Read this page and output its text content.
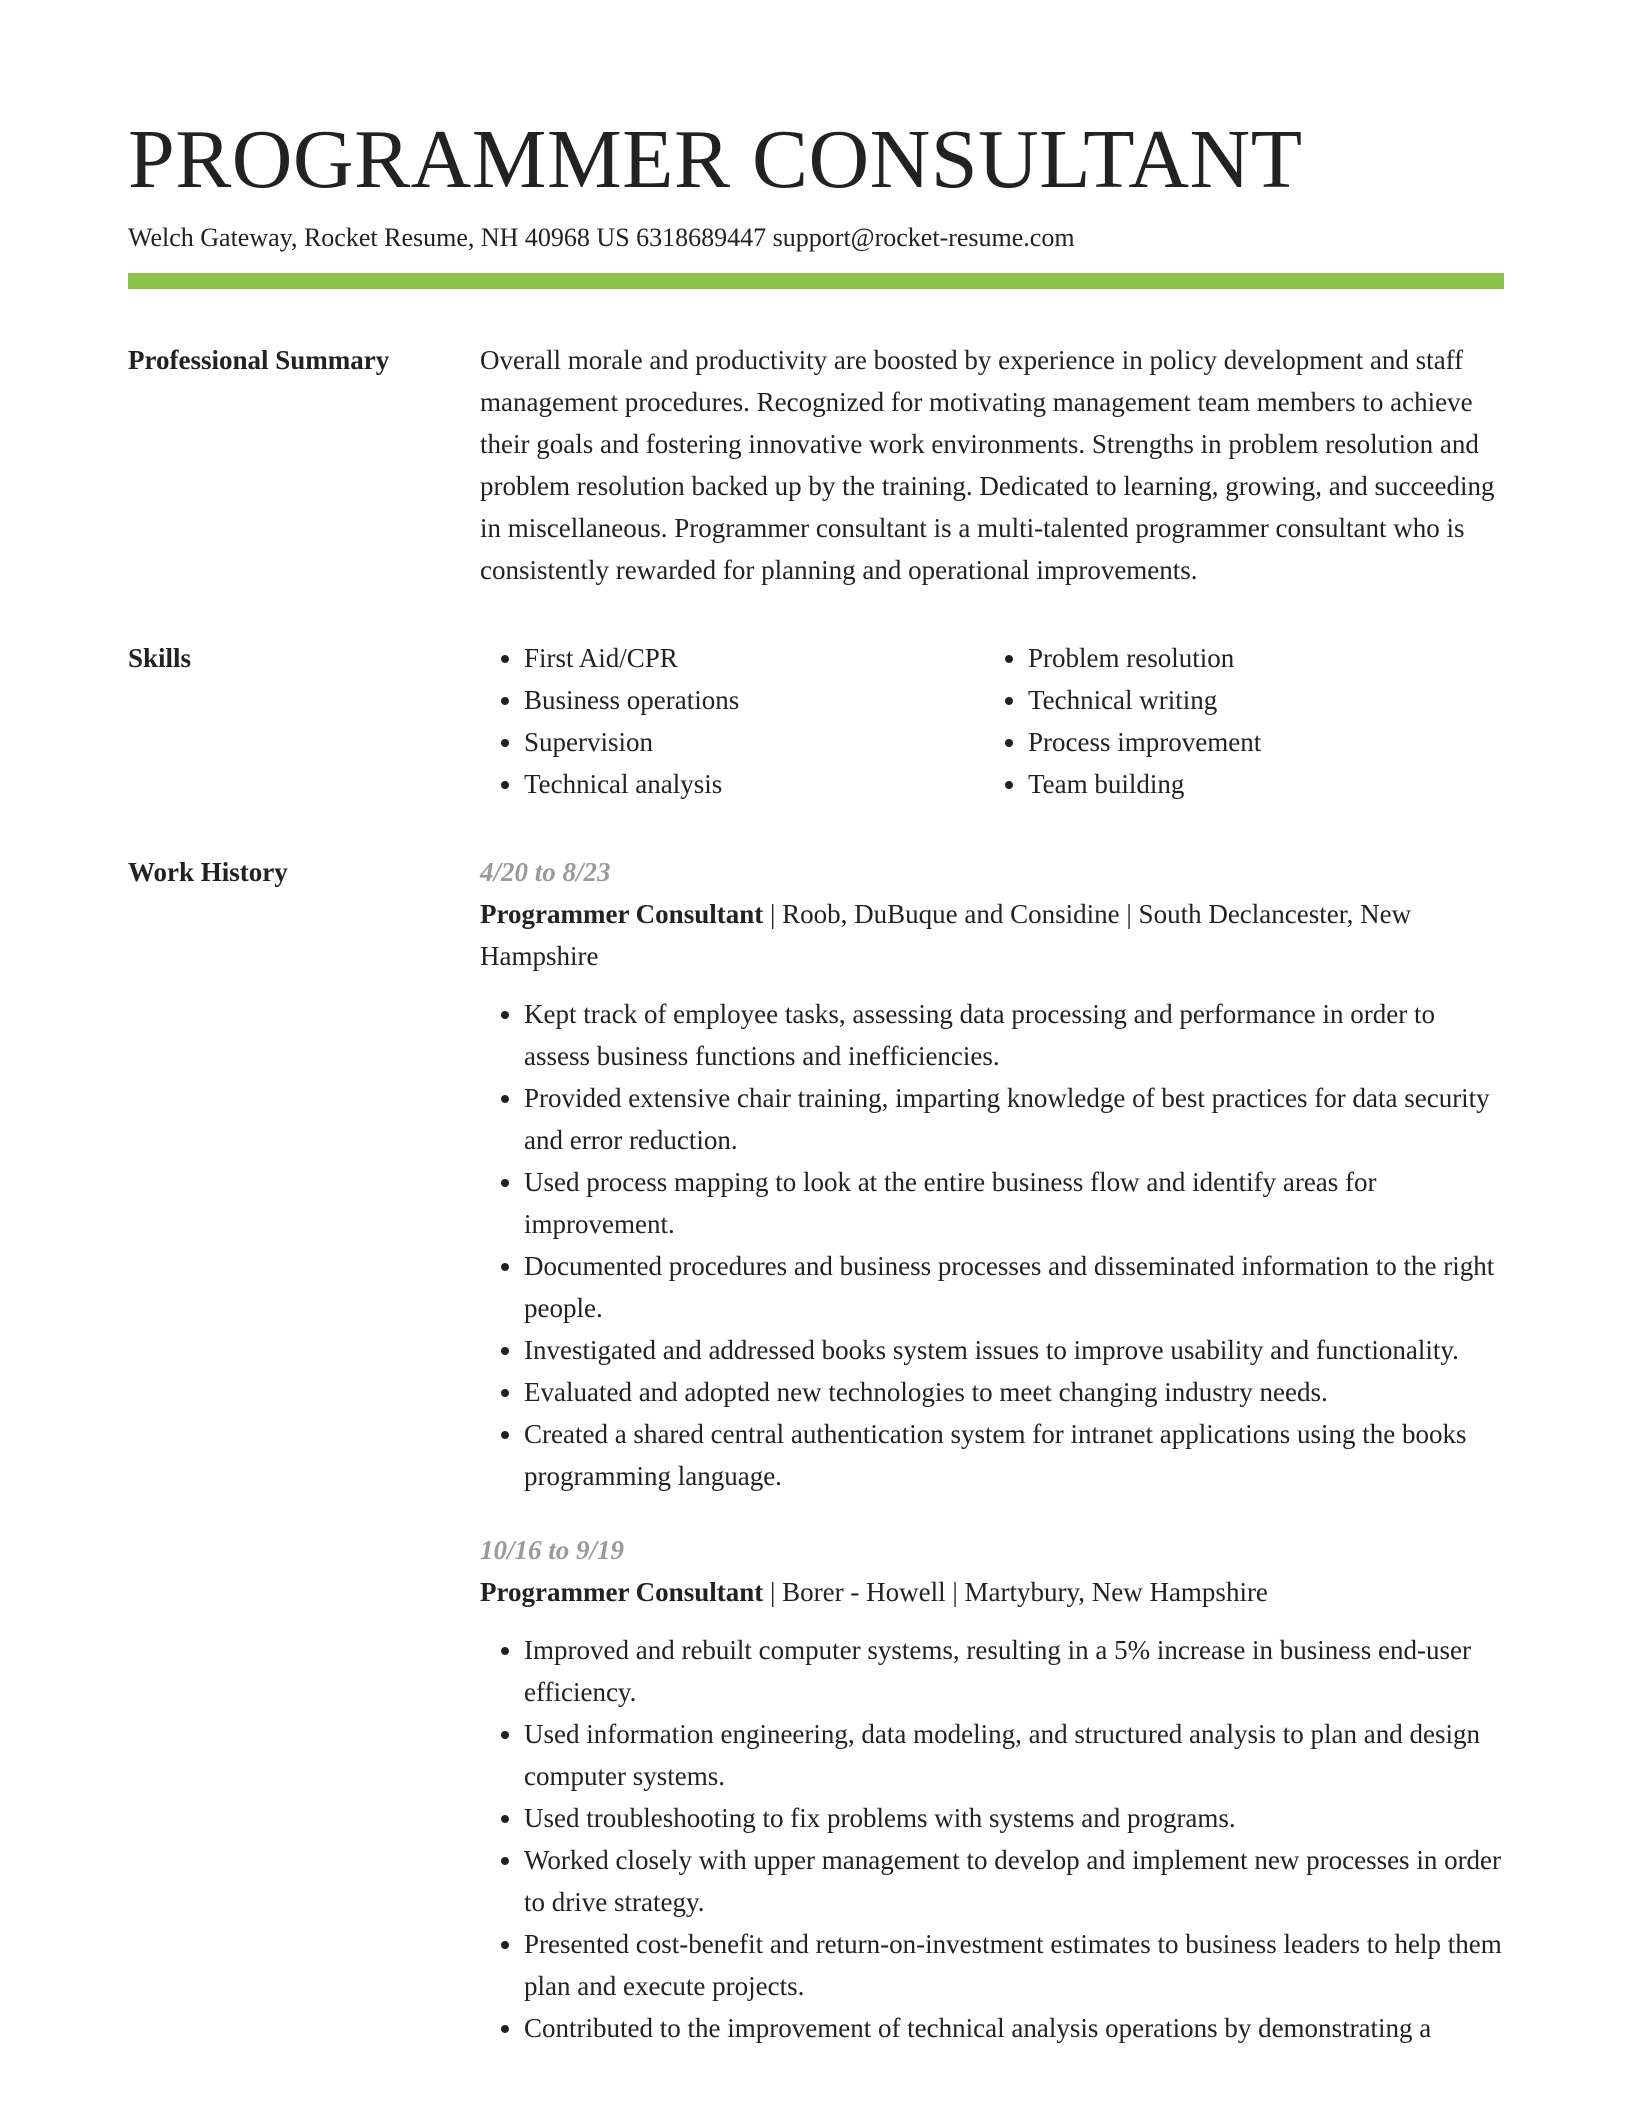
PROGRAMMER CONSULTANT
Welch Gateway, Rocket Resume, NH 40968 US 6318689447 support@rocket-resume.com
Professional Summary	Overall morale and productivity are boosted by experience in policy development and staff management procedures. Recognized for motivating management team members to achieve their goals and fostering innovative work environments. Strengths in problem resolution and problem resolution backed up by the training. Dedicated to learning, growing, and succeeding in miscellaneous. Programmer consultant is a multi-talented programmer consultant who is consistently rewarded for planning and operational improvements.

Skills
•	First Aid/CPR
• Business operations
• Supervision
• Technical analysis
• Problem resolution
• Technical writing
• Process improvement
• Team building
Work History	4/20 to 8/23
Programmer Consultant | Roob, DuBuque and Considine | South Declancester, New Hampshire
• Kept track of employee tasks, assessing data processing and performance in order to assess business functions and inefficiencies.
• Provided extensive chair training, imparting knowledge of best practices for data security and error reduction.
• Used process mapping to look at the entire business flow and identify areas for improvement.
• Documented procedures and business processes and disseminated information to the right people.
• Investigated and addressed books system issues to improve usability and functionality.
• Evaluated and adopted new technologies to meet changing industry needs.
• Created a shared central authentication system for intranet applications using the books programming language.
10/16 to 9/19
Programmer Consultant | Borer - Howell | Martybury, New Hampshire
• Improved and rebuilt computer systems, resulting in a 5% increase in business end-user efficiency.
• Used information engineering, data modeling, and structured analysis to plan and design computer systems.
• Used troubleshooting to fix problems with systems and programs.
• Worked closely with upper management to develop and implement new processes in order to drive strategy.
• Presented cost-benefit and return-on-investment estimates to business leaders to help them plan and execute projects.
• Contributed to the improvement of technical analysis operations by demonstrating a
